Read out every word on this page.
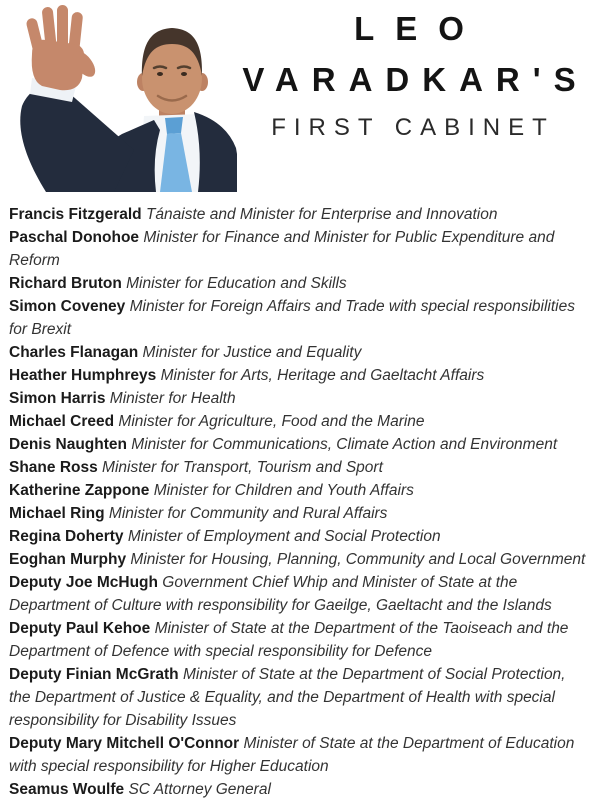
LEO
VARADKAR'S
FIRST CABINET

Francis Fitzgerald Tánaiste and Minister for Enterprise and Innovation

Paschal Donohoe Minister for Finance and Minister for Public Expenditure and Reform

Richard Bruton Minister for Education and Skills

Simon Coveney Minister for Foreign Affairs and Trade with special responsibilities for Brexit

Charles Flanagan Minister for Justice and Equality

Heather Humphreys Minister for Arts, Heritage and Gaeltacht Affairs

Simon Harris Minister for Health

Michael Creed Minister for Agriculture, Food and the Marine

Denis Naughten Minister for Communications, Climate Action and Environment

Shane Ross Minister for Transport, Tourism and Sport

Katherine Zappone Minister for Children and Youth Affairs

Michael Ring Minister for Community and Rural Affairs

Regina Doherty Minister of Employment and Social Protection

Eoghan Murphy Minister for Housing, Planning, Community and Local Government

Deputy Joe McHugh Government Chief Whip and Minister of State at the Department of Culture with responsibility for Gaeilge, Gaeltacht and the Islands

Deputy Paul Kehoe Minister of State at the Department of the Taoiseach and the Department of Defence with special responsibility for Defence

Deputy Finian McGrath Minister of State at the Department of Social Protection, the Department of Justice & Equality, and the Department of Health with special responsibility for Disability Issues

Deputy Mary Mitchell O'Connor Minister of State at the Department of Education with special responsibility for Higher Education

Seamus Woulfe SC Attorney General
